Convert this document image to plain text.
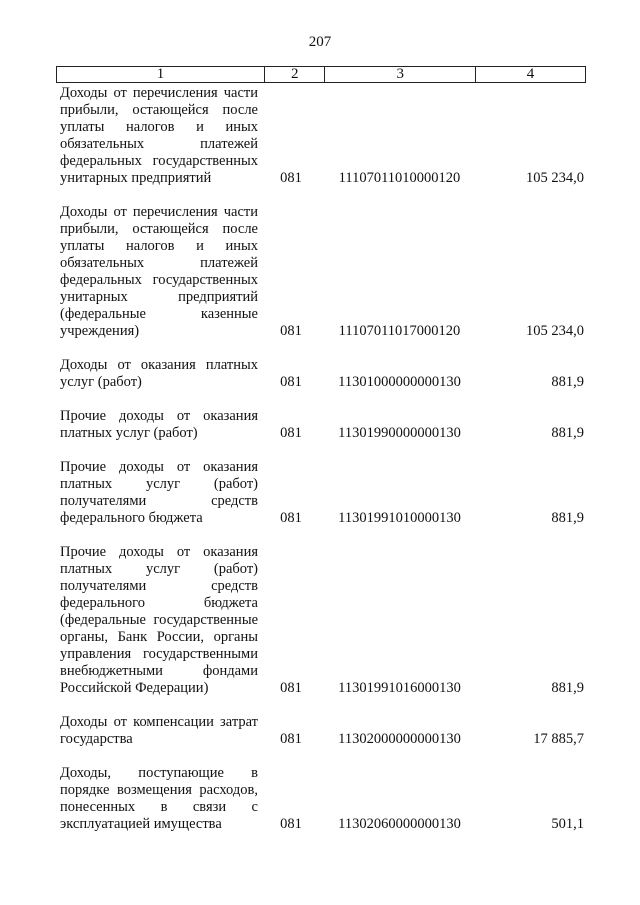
207
1	2	3	4
Доходы от перечисления части прибыли, остающейся после уплаты налогов и иных обязательных платежей федеральных государственных унитарных предприятий	081	11107011010000120	105 234,0
Доходы от перечисления части прибыли, остающейся после уплаты налогов и иных обязательных платежей федеральных государственных унитарных предприятий (федеральные казенные учреждения)	081	11107011017000120	105 234,0
Доходы от оказания платных услуг (работ)	081	11301000000000130	881,9
Прочие доходы от оказания платных услуг (работ)	081	11301990000000130	881,9
Прочие доходы от оказания платных услуг (работ) получателями средств федерального бюджета	081	11301991010000130	881,9
Прочие доходы от оказания платных услуг (работ) получателями средств федерального бюджета (федеральные государственные органы, Банк России, органы управления государственными внебюджетными фондами Российской Федерации)	081	11301991016000130	881,9
Доходы от компенсации затрат государства	081	11302000000000130	17 885,7
Доходы, поступающие в порядке возмещения расходов, понесенных в связи с эксплуатацией имущества	081	11302060000000130	501,1
